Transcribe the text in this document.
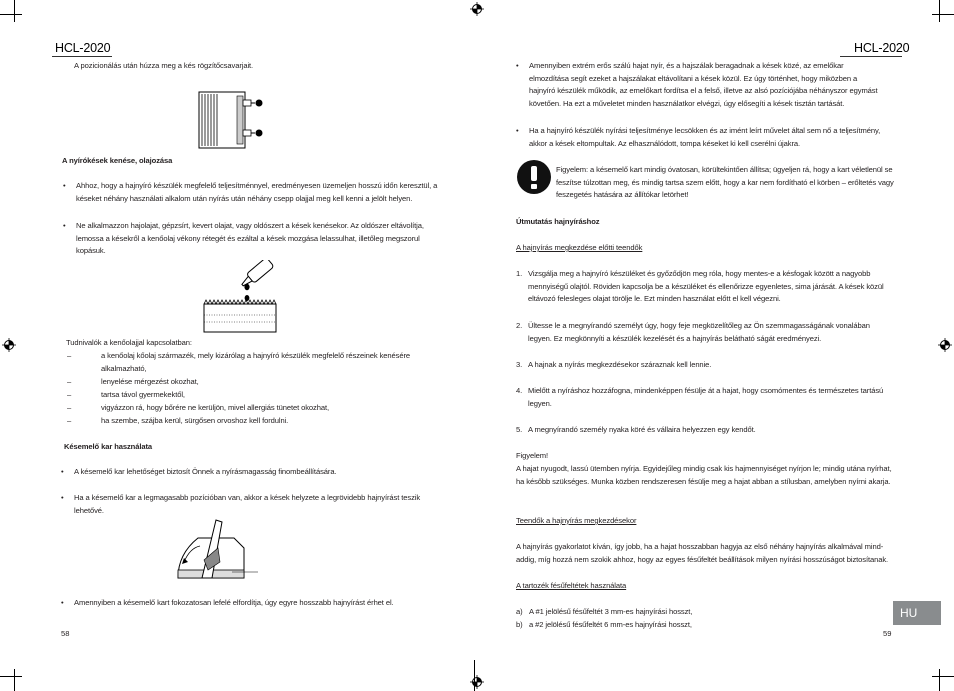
HCL-2020
A pozicionálás után húzza meg a kés rögzítőcsavarjait.
A nyírókések kenése, olajozása
• Ahhoz, hogy a hajnyíró készülék megfelelő teljesítménnyel, eredményesen üzemeljen hosszú időn keresztül, a késeket néhány használati alkalom után nyírás után néhány csepp olajjal meg kell kenni a jelölt helyen.
• Ne alkalmazzon hajolajat, gépzsírt, kevert olajat, vagy oldószert a kések kenésekor. Az oldószer eltávolítja, lemossa a késekről a kenőolaj vékony rétegét és ezáltal a kések mozgása lelassulhat, illetőleg megszorul kopásuk.
Tudnivalók a kenőolajjal kapcsolatban:
–	a kenőolaj kőolaj származék, mely kizárólag a hajnyíró készülék megfelelő részeinek kenésére alkalmazható,
–	lenyelése mérgezést okozhat,
–	tartsa távol gyermekektől,
–	vigyázzon rá, hogy bőrére ne kerüljön, mivel allergiás tünetet okozhat,
–	ha szembe, szájba kerül, sürgősen orvoshoz kell fordulni.
Késemelő kar használata
• A késemelő kar lehetőséget biztosít Önnek a nyírásmagasság finombeállítására.
• Ha a késemelő kar a legmagasabb pozícióban van, akkor a kések helyzete a legrövidebb hajnyírást teszik lehetővé.
• Amennyiben a késemelő kart fokozatosan lefelé elfordítja, úgy egyre hosszabb hajnyírást érhet el.
58
HCL-2020
• Amennyiben extrém erős szálú hajat nyír, és a hajszálak beragadnak a kések közé, az emelőkar elmozdítása segít ezeket a hajszálakat eltávolítani a kések közül. Ez úgy történhet, hogy miközben a hajnyíró készülék működik, az emelőkart fordítsa el a felső, illetve az alsó pozíciójába néhányszor egymást követően. Ha ezt a műveletet minden használatkor elvégzi, úgy elősegíti a kések tisztán tartását.
• Ha a hajnyíró készülék nyírási teljesítménye lecsökken és az imént leírt művelet által sem nő a teljesítmény, akkor a kések eltompultak. Az elhasználódott, tompa késeket ki kell cserélni újakra.
Figyelem: a késemelő kart mindig óvatosan, körültekintően állítsa; ügyeljen rá, hogy a kart véletlenül se feszítse túlzottan meg, és mindig tartsa szem előtt, hogy a kar nem fordítható el körben – erőltetés vagy feszegetés hatására az állítókar letörhet!
Útmutatás hajnyíráshoz
A hajnyírás megkezdése előtti teendők
1. Vizsgálja meg a hajnyíró készüléket és győződjön meg róla, hogy mentes-e a késfogak között a nagyobb mennyiségű olajtól. Röviden kapcsolja be a készüléket és ellenőrizze egyenletes, sima járását. A kések közül eltávozó felesleges olajat törölje le. Ezt minden használat előtt el kell végezni.
2. Ültesse le a megnyírandó személyt úgy, hogy feje megközelítőleg az Ön szemmagasságának vonalában legyen. Ez megkönnyíti a készülék kezelését és a hajnyírás belátható ságát eredményezi.
3. A hajnak a nyírás megkezdésekor száraznak kell lennie.
4. Mielőtt a nyíráshoz hozzáfogna, mindenképpen fésülje át a hajat, hogy csomómentes és természetes tartású legyen.
5. A megnyírandó személy nyaka köré és vállaira helyezzen egy kendőt.
Figyelem!
A hajat nyugodt, lassú ütemben nyírja. Egyidejűleg mindig csak kis hajmennyiséget nyírjon le; mindig utána nyírhat, ha később szükséges. Munka közben rendszeresen fésülje meg a hajat abban a stílusban, amelyben nyírni akarja.
Teendők a hajnyírás megkezdésekor
A hajnyírás gyakorlatot kíván, így jobb, ha a hajat hosszabban hagyja az első néhány hajnyírás alkalmával mind-addig, míg hozzá nem szokik ahhoz, hogy az egyes fésűfeltét beállítások milyen nyírási hosszúságot biztosítanak.
A tartozék fésűfeltétek használata
a) A #1 jelölésű fésűfeltét 3 mm-es hajnyírási hosszt,
b) a #2 jelölésű fésűfeltét 6 mm-es hajnyírási hosszt,
HU
59
